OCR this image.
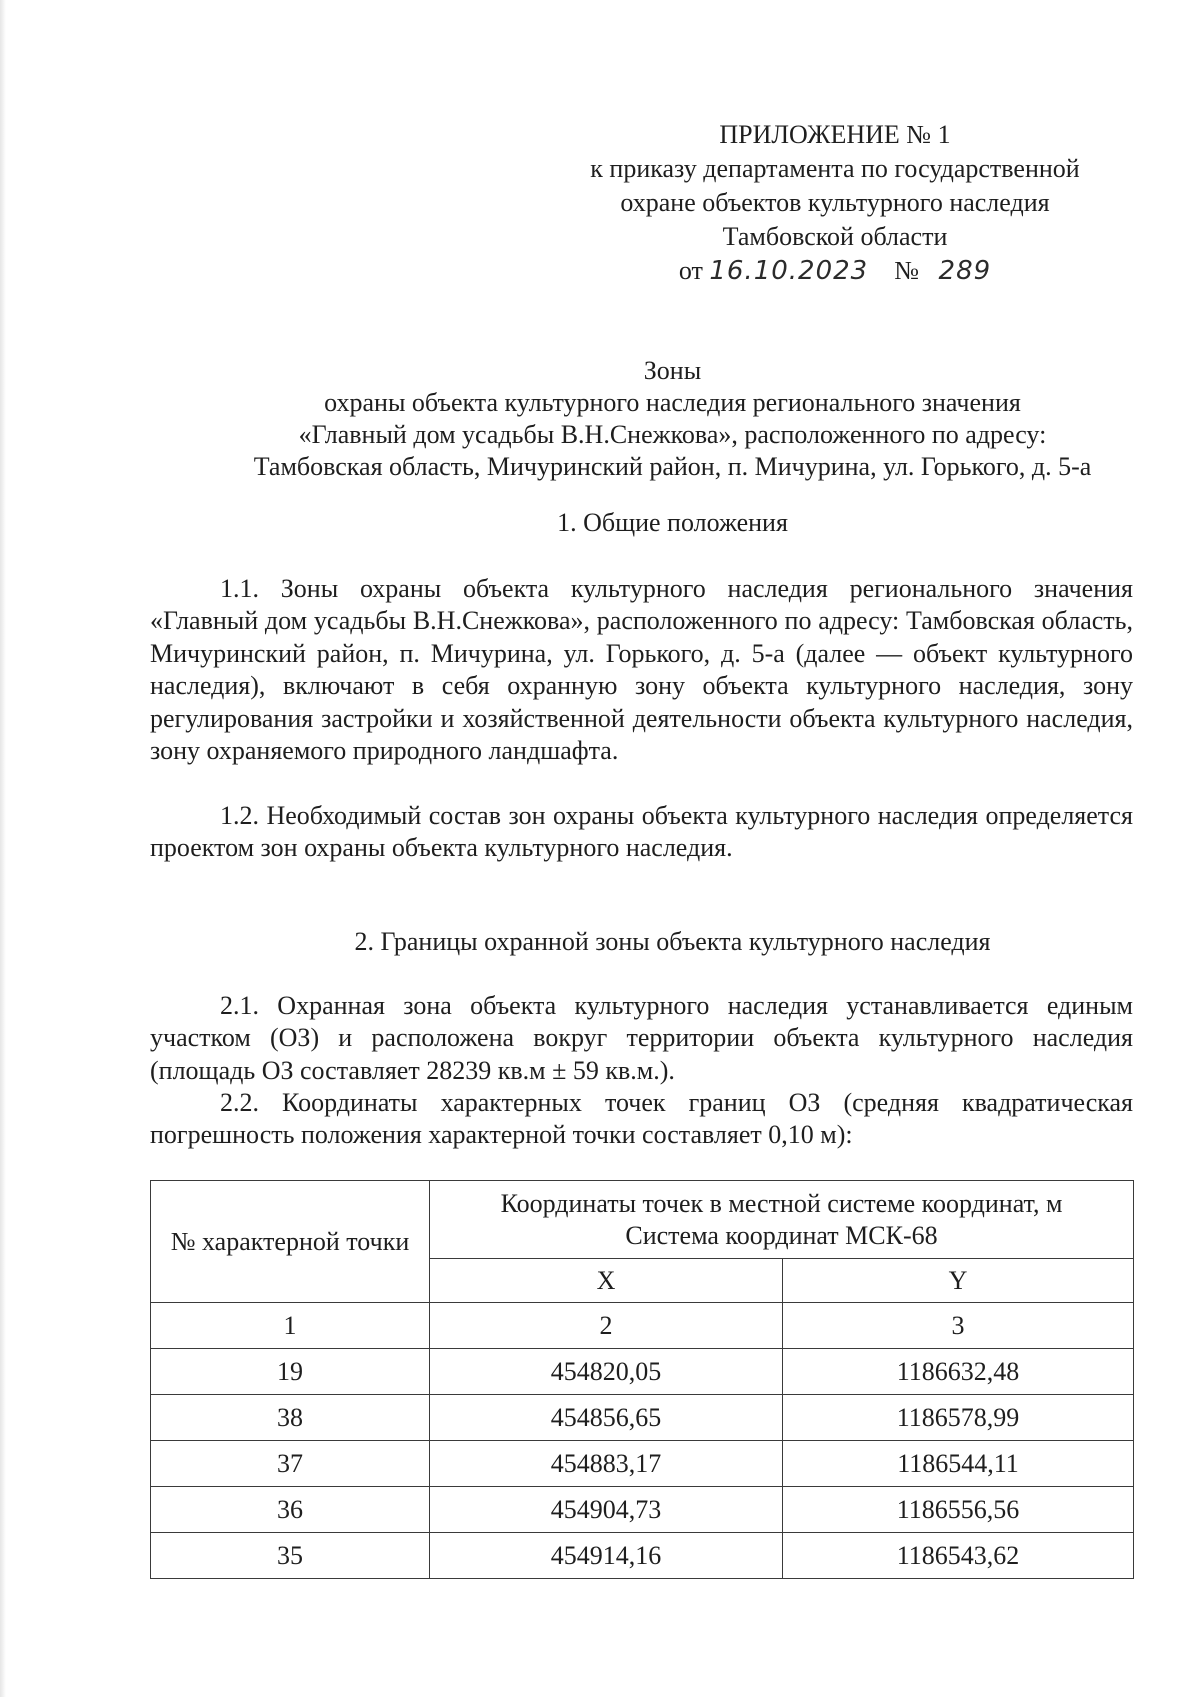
ПРИЛОЖЕНИЕ № 1
к приказу департамента по государственной
охране объектов культурного наследия
Тамбовской области
от 16.10.2023 № 289
Зоны
охраны объекта культурного наследия регионального значения
«Главный дом усадьбы В.Н.Снежкова», расположенного по адресу:
Тамбовская область, Мичуринский район, п. Мичурина, ул. Горького, д. 5-а
1. Общие положения
1.1. Зоны охраны объекта культурного наследия регионального значения «Главный дом усадьбы В.Н.Снежкова», расположенного по адресу: Тамбовская область, Мичуринский район, п. Мичурина, ул. Горького, д. 5-а (далее — объект культурного наследия), включают в себя охранную зону объекта культурного наследия, зону регулирования застройки и хозяйственной деятельности объекта культурного наследия, зону охраняемого природного ландшафта.
1.2. Необходимый состав зон охраны объекта культурного наследия определяется проектом зон охраны объекта культурного наследия.
2. Границы охранной зоны объекта культурного наследия
2.1. Охранная зона объекта культурного наследия устанавливается единым участком (ОЗ) и расположена вокруг территории объекта культурного наследия (площадь ОЗ составляет 28239 кв.м ± 59 кв.м.).
2.2. Координаты характерных точек границ ОЗ (средняя квадратическая погрешность положения характерной точки составляет 0,10 м):
№ характерной точки	Координаты точек в местной системе координат, м
Система координат МСК-68	
	X	Y
1	2	3
19	454820,05	1186632,48
38	454856,65	1186578,99
37	454883,17	1186544,11
36	454904,73	1186556,56
35	454914,16	1186543,62
